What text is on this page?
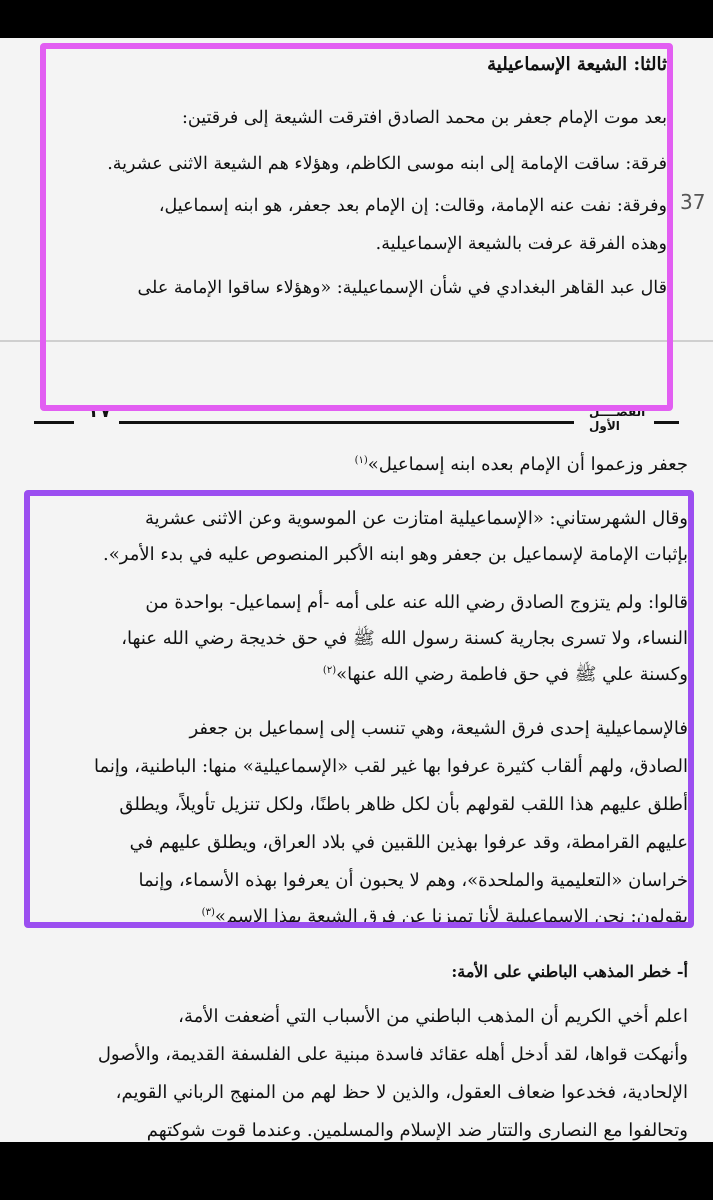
ثالثا: الشيعة الإسماعيلية
بعد موت الإمام جعفر بن محمد الصادق افترقت الشيعة إلى فرقتين:
فرقة: ساقت الإمامة إلى ابنه موسى الكاظم، وهؤلاء هم الشيعة الاثنى عشرية.
وفرقة: نفت عنه الإمامة، وقالت: إن الإمام بعد جعفر، هو ابنه إسماعيل،
وهذه الفرقة عرفت بالشيعة الإسماعيلية.
قال عبد القاهر البغدادي في شأن الإسماعيلية: «وهؤلاء ساقوا الإمامة على
37
٣٧	الفصــــل الأول
جعفر وزعموا أن الإمام بعده ابنه إسماعيل»$^{(١)}$
وقال الشهرستاني: «الإسماعيلية امتازت عن الموسوية وعن الاثنى عشرية
بإثبات الإمامة لإسماعيل بن جعفر وهو ابنه الأكبر المنصوص عليه في بدء الأمر».
قالوا: ولم يتزوج الصادق رضي الله عنه على أمه -أم إسماعيل- بواحدة من
النساء، ولا تسرى بجارية كسنة رسول الله ﷺ في حق خديجة رضي الله عنها،
وكسنة علي ﷺ في حق فاطمة رضي الله عنها»$^{(٢)}$
فالإسماعيلية إحدى فرق الشيعة، وهي تنسب إلى إسماعيل بن جعفر
الصادق، ولهم ألقاب كثيرة عرفوا بها غير لقب «الإسماعيلية» منها: الباطنية، وإنما
أطلق عليهم هذا اللقب لقولهم بأن لكل ظاهر باطنًا، ولكل تنزيل تأويلاً، ويطلق
عليهم القرامطة، وقد عرفوا بهذين اللقبين في بلاد العراق، ويطلق عليهم في
خراسان «التعليمية والملحدة»، وهم لا يحبون أن يعرفوا بهذه الأسماء، وإنما
يقولون: نحن الإسماعيلية لأنا تميزنا عن فرق الشيعة بهذا الاسم»$^{(٣)}$
أ- خطر المذهب الباطني على الأمة:
اعلم أخي الكريم أن المذهب الباطني من الأسباب التي أضعفت الأمة،
وأنهكت قواها، لقد أدخل أهله عقائد فاسدة مبنية على الفلسفة القديمة، والأصول
الإلحادية، فخدعوا ضعاف العقول، والذين لا حظ لهم من المنهج الرباني القويم،
وتحالفوا مع النصارى والتتار ضد الإسلام والمسلمين. وعندما قوت شوكتهم
